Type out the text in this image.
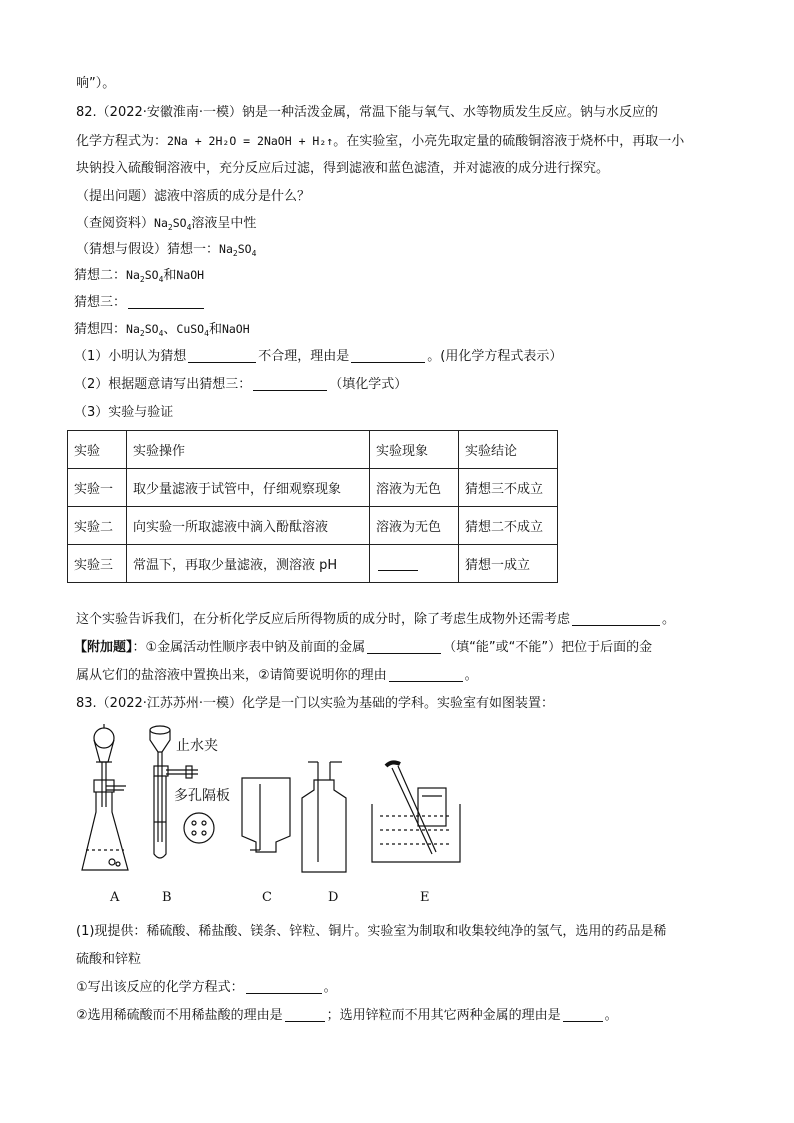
响”）。
82.（2022·安徽淮南·一模）钠是一种活泼金属，常温下能与氧气、水等物质发生反应。钠与水反应的
化学方程式为：2Na + 2H₂O = 2NaOH + H₂↑。在实验室，小亮先取定量的硫酸铜溶液于烧杯中，再取一小
块钠投入硫酸铜溶液中，充分反应后过滤，得到滤液和蓝色滤渣，并对滤液的成分进行探究。
（提出问题）滤液中溶质的成分是什么？
（查阅资料）$Na_2SO_4$溶液呈中性
（猜想与假设）猜想一：$Na_2SO_4$
猜想二：$Na_2SO_4$和NaOH
猜想三：
猜想四：$Na_2SO_4$、CuSO$_4$和NaOH
（1）小明认为猜想	不合理，理由是	。(用化学方程式表示）
（2）根据题意请写出猜想三：	（填化学式）
（3）实验与验证
实验	实验操作	实验现象	实验结论
实验一	取少量滤液于试管中，仔细观察现象	溶液为无色	猜想三不成立
实验二	向实验一所取滤液中滴入酚酞溶液	溶液为无色	猜想二不成立
实验三	常温下，再取少量滤液，测溶液 pH		猜想一成立
这个实验告诉我们，在分析化学反应后所得物质的成分时，除了考虑生成物外还需考虑	。
【附加题】：①金属活动性顺序表中钠及前面的金属	（填“能”或“不能”）把位于后面的金
属从它们的盐溶液中置换出来，②请简要说明你的理由	。
83.（2022·江苏苏州·一模）化学是一门以实验为基础的学科。实验室有如图装置：
止水夹
多孔隔板
A	B	C	D	E
(1)现提供：稀硫酸、稀盐酸、镁条、锌粒、铜片。实验室为制取和收集较纯净的氢气，选用的药品是稀
硫酸和锌粒
①写出该反应的化学方程式：	。
②选用稀硫酸而不用稀盐酸的理由是	；选用锌粒而不用其它两种金属的理由是	。
